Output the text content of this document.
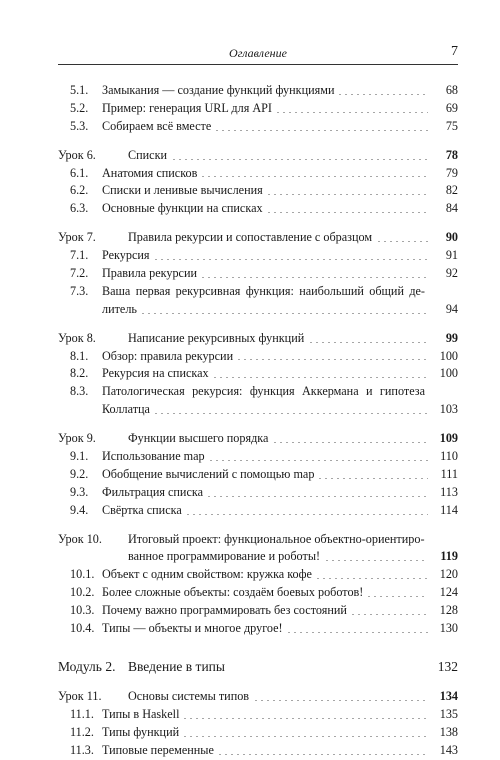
Оглавление	7
5.1.	Замыкания — создание функций функциями	68
5.2.	Пример: генерация URL для API	69
5.3.	Собираем всё вместе	75
Урок 6.	Списки	78
6.1.	Анатомия списков	79
6.2.	Списки и ленивые вычисления	82
6.3.	Основные функции на списках	84
Урок 7.	Правила рекурсии и сопоставление с образцом	90
7.1.	Рекурсия	91
7.2.	Правила рекурсии	92
7.3.	Ваша первая рекурсивная функция: наибольший общий де-
литель	94
Урок 8.	Написание рекурсивных функций	99
8.1.	Обзор: правила рекурсии	100
8.2.	Рекурсия на списках	100
8.3.	Патологическая рекурсия: функция Аккермана и гипотеза
Коллатца	103
Урок 9.	Функции высшего порядка	109
9.1.	Использование map	110
9.2.	Обобщение вычислений с помощью map	111
9.3.	Фильтрация списка	113
9.4.	Свёртка списка	114
Урок 10.	Итоговый проект: функциональное объектно-ориентиро-
ванное программирование и роботы!	119
10.1. Объект с одним свойством: кружка кофе	120
10.2. Более сложные объекты: создаём боевых роботов!	124
10.3. Почему важно программировать без состояний	128
10.4. Типы — объекты и многое другое!	130
Модуль 2. Введение в типы	132
Урок 11.	Основы системы типов	134
11.1. Типы в Haskell	135
11.2. Типы функций	138
11.3. Типовые переменные	143
